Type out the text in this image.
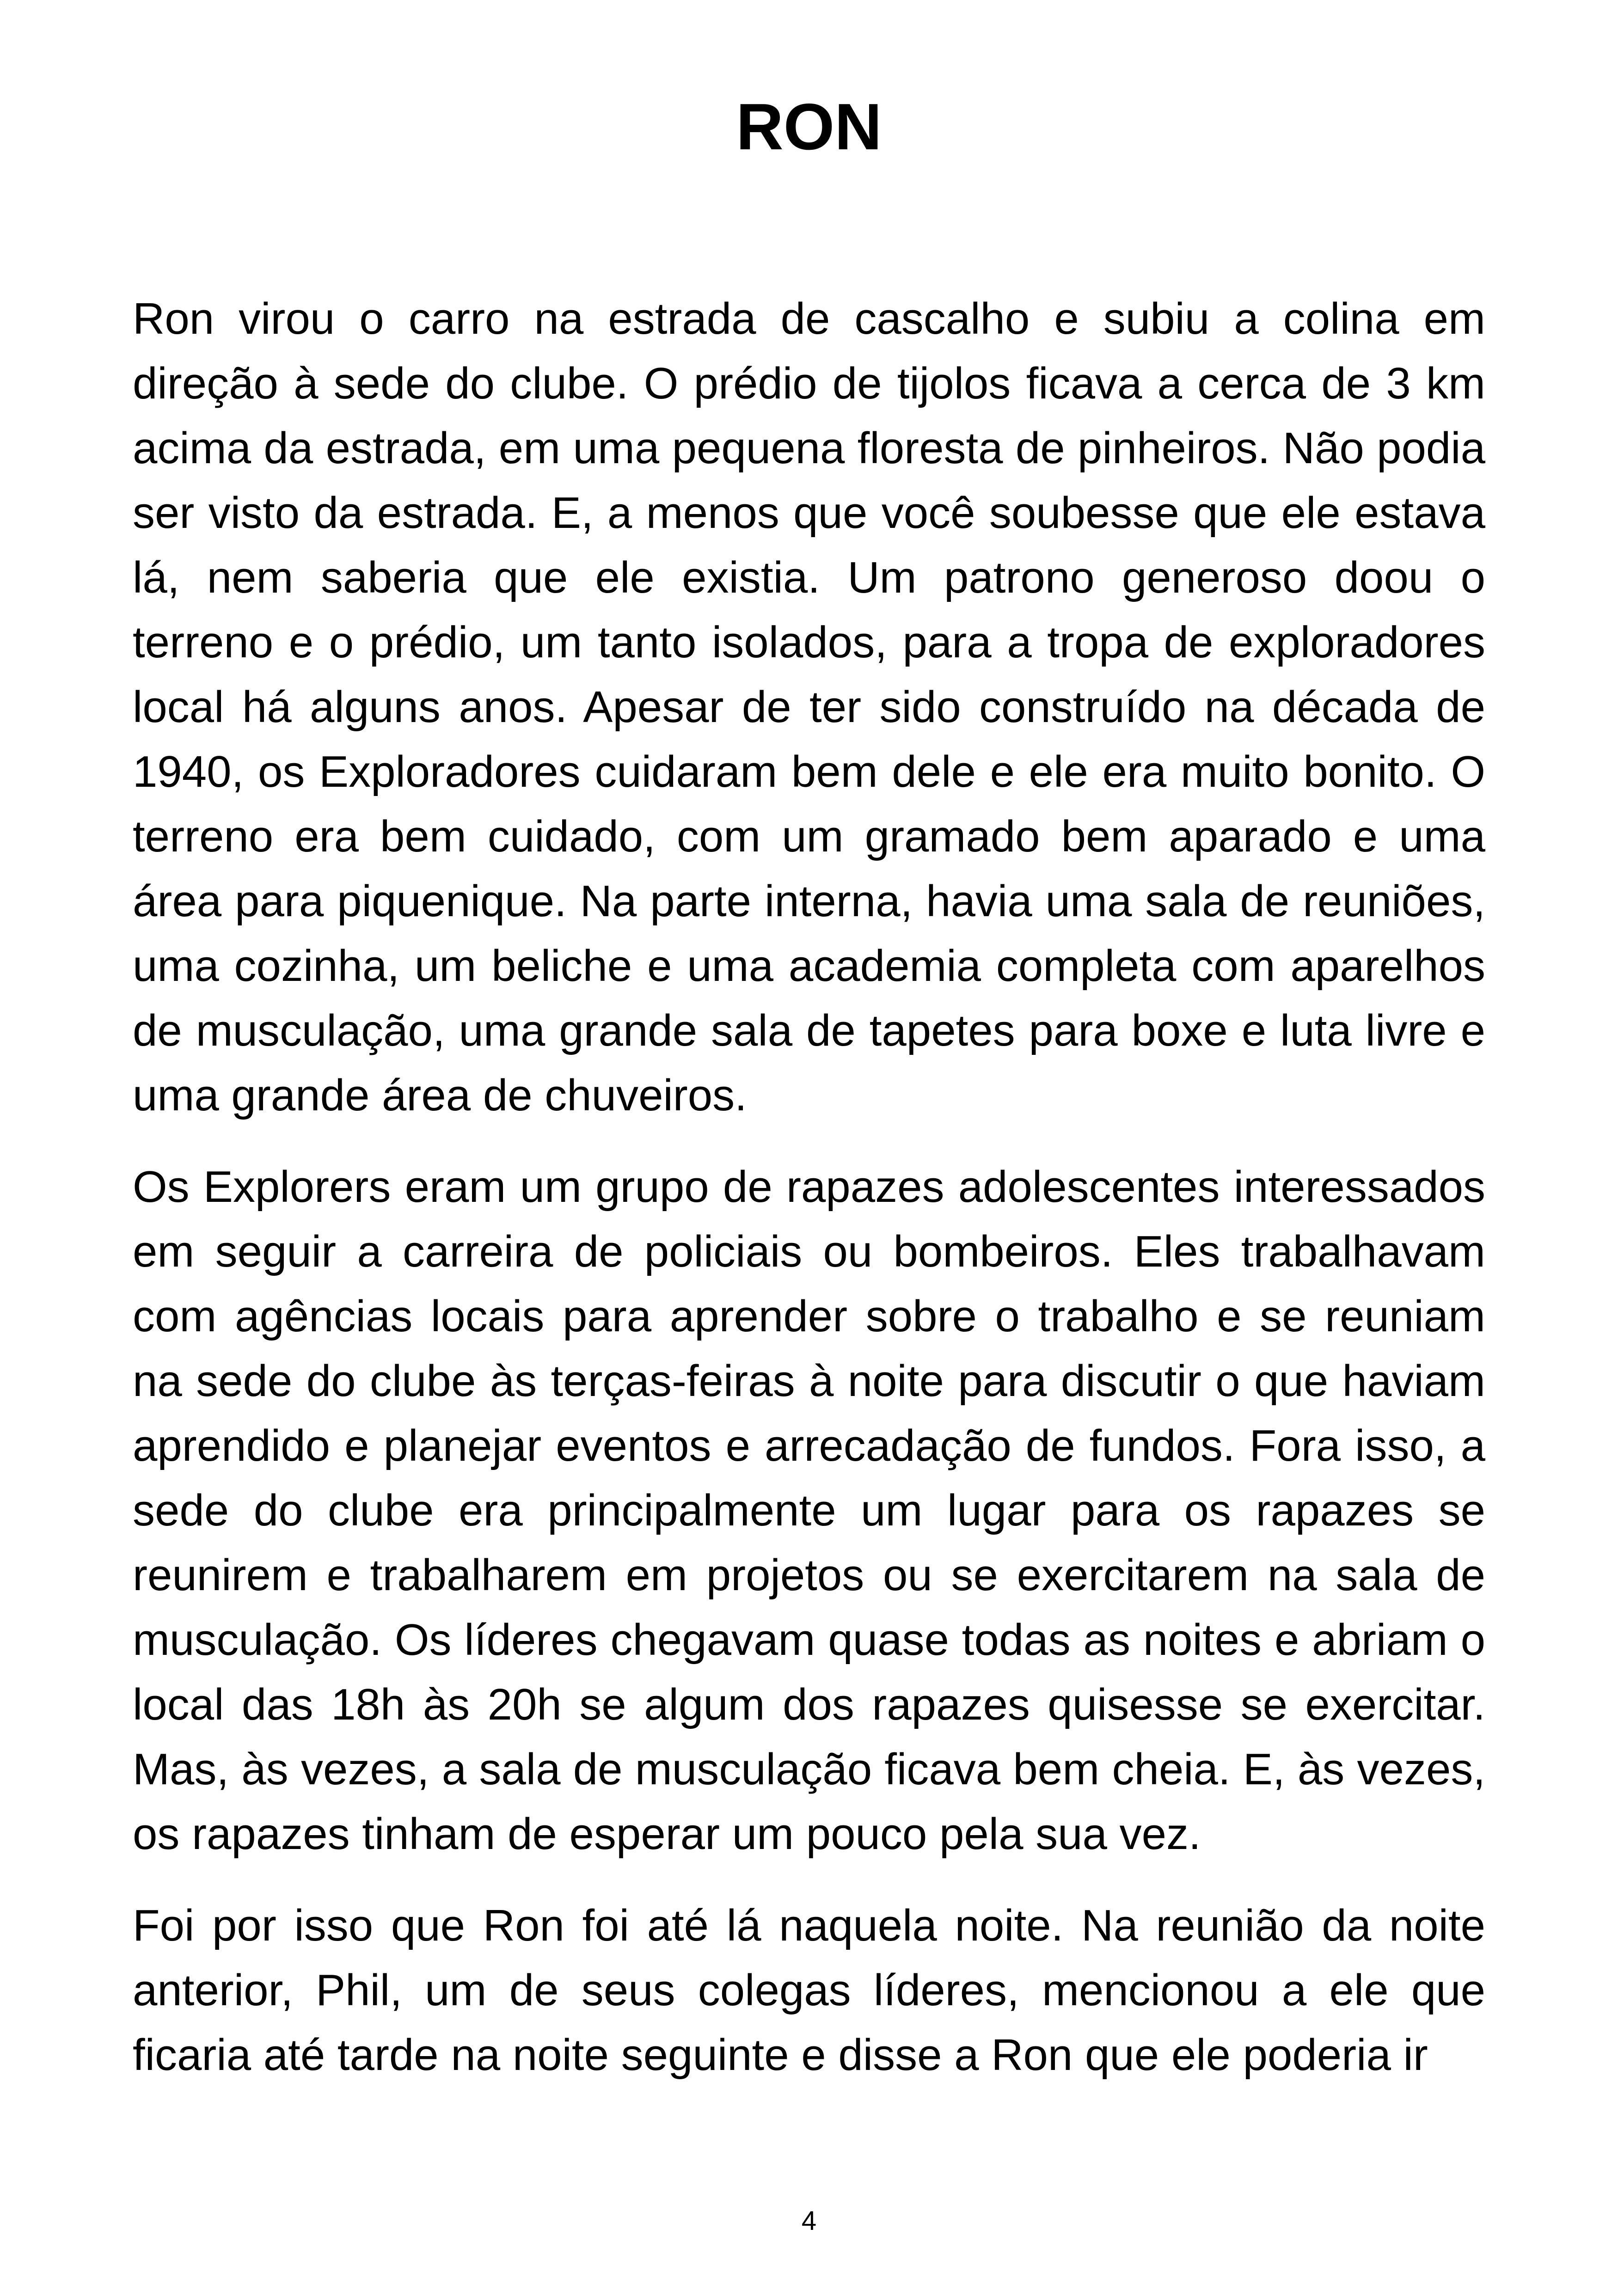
RON

Ron virou o carro na estrada de cascalho e subiu a colina em direção à sede do clube. O prédio de tijolos ficava a cerca de 3 km acima da estrada, em uma pequena floresta de pinheiros. Não podia ser visto da estrada. E, a menos que você soubesse que ele estava lá, nem saberia que ele existia. Um patrono generoso doou o terreno e o prédio, um tanto isolados, para a tropa de exploradores local há alguns anos. Apesar de ter sido construído na década de 1940, os Exploradores cuidaram bem dele e ele era muito bonito. O terreno era bem cuidado, com um gramado bem aparado e uma área para piquenique. Na parte interna, havia uma sala de reuniões, uma cozinha, um beliche e uma academia completa com aparelhos de musculação, uma grande sala de tapetes para boxe e luta livre e uma grande área de chuveiros.

Os Explorers eram um grupo de rapazes adolescentes interessados em seguir a carreira de policiais ou bombeiros. Eles trabalhavam com agências locais para aprender sobre o trabalho e se reuniam na sede do clube às terças-feiras à noite para discutir o que haviam aprendido e planejar eventos e arrecadação de fundos. Fora isso, a sede do clube era principalmente um lugar para os rapazes se reunirem e trabalharem em projetos ou se exercitarem na sala de musculação. Os líderes chegavam quase todas as noites e abriam o local das 18h às 20h se algum dos rapazes quisesse se exercitar. Mas, às vezes, a sala de musculação ficava bem cheia. E, às vezes, os rapazes tinham de esperar um pouco pela sua vez.

Foi por isso que Ron foi até lá naquela noite. Na reunião da noite anterior, Phil, um de seus colegas líderes, mencionou a ele que ficaria até tarde na noite seguinte e disse a Ron que ele poderia ir

4
